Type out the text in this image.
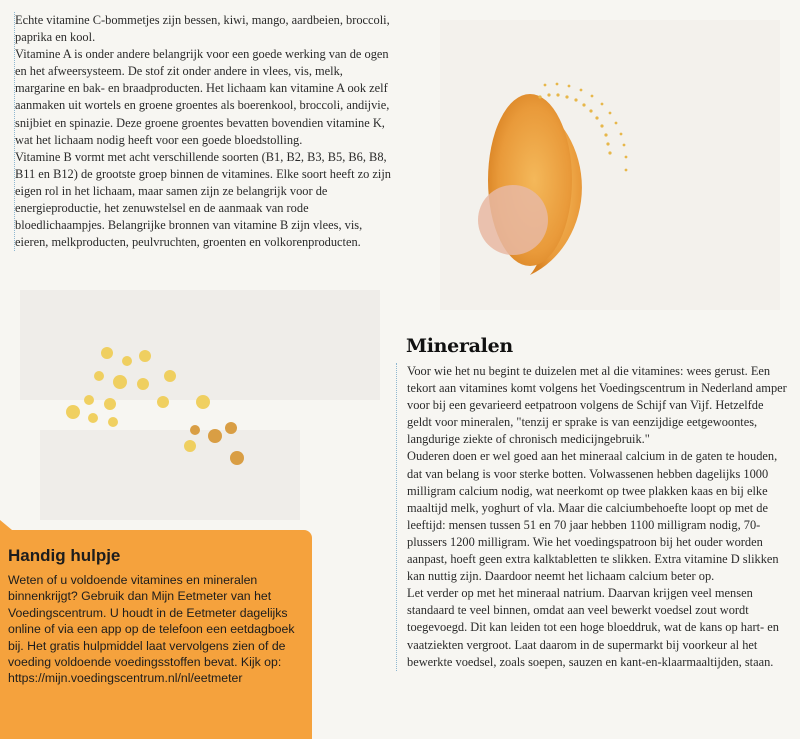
Echte vitamine C-bommetjes zijn bessen, kiwi, mango, aardbeien, broccoli, paprika en kool.

Vitamine A is onder andere belangrijk voor een goede werking van de ogen en het afweersysteem. De stof zit onder andere in vlees, vis, melk, margarine en bak- en braadproducten. Het lichaam kan vitamine A ook zelf aanmaken uit wortels en groene groentes als boerenkool, broccoli, andijvie, snijbiet en spinazie. Deze groene groentes bevatten bovendien vitamine K, wat het lichaam nodig heeft voor een goede bloedstolling.

Vitamine B vormt met acht verschillende soorten (B1, B2, B3, B5, B6, B8, B11 en B12) de grootste groep binnen de vitamines. Elke soort heeft zo zijn eigen rol in het lichaam, maar samen zijn ze belangrijk voor de energieproductie, het zenuwstelsel en de aanmaak van rode bloedlichaampjes. Belangrijke bronnen van vitamine B zijn vlees, vis, eieren, melkproducten, peulvruchten, groenten en volkorenproducten.

Mineralen

Voor wie het nu begint te duizelen met al die vitamines: wees gerust. Een tekort aan vitamines komt volgens het Voedingscentrum in Nederland amper voor bij een gevarieerd eetpatroon volgens de Schijf van Vijf. Hetzelfde geldt voor mineralen, "tenzij er sprake is van eenzijdige eetgewoontes, langdurige ziekte of chronisch medicijngebruik."

Ouderen doen er wel goed aan het mineraal calcium in de gaten te houden, dat van belang is voor sterke botten. Volwassenen hebben dagelijks 1000 milligram calcium nodig, wat neerkomt op twee plakken kaas en bij elke maaltijd melk, yoghurt of vla. Maar die calciumbehoefte loopt op met de leeftijd: mensen tussen 51 en 70 jaar hebben 1100 milligram nodig, 70-plussers 1200 milligram. Wie het voedingspatroon bij het ouder worden aanpast, hoeft geen extra kalktabletten te slikken. Extra vitamine D slikken kan nuttig zijn. Daardoor neemt het lichaam calcium beter op.

Let verder op met het mineraal natrium. Daarvan krijgen veel mensen standaard te veel binnen, omdat aan veel bewerkt voedsel zout wordt toegevoegd. Dit kan leiden tot een hoge bloeddruk, wat de kans op hart- en vaatziekten vergroot. Laat daarom in de supermarkt bij voorkeur al het bewerkte voedsel, zoals soepen, sauzen en kant-en-klaarmaaltijden, staan.

Handig hulpje

Weten of u voldoende vitamines en mineralen binnenkrijgt? Gebruik dan Mijn Eetmeter van het Voedingscentrum. U houdt in de Eetmeter dagelijks online of via een app op de telefoon een eetdagboek bij. Het gratis hulpmiddel laat vervolgens zien of de voeding voldoende voedingsstoffen bevat. Kijk op: https://mijn.voedingscentrum.nl/nl/eetmeter
